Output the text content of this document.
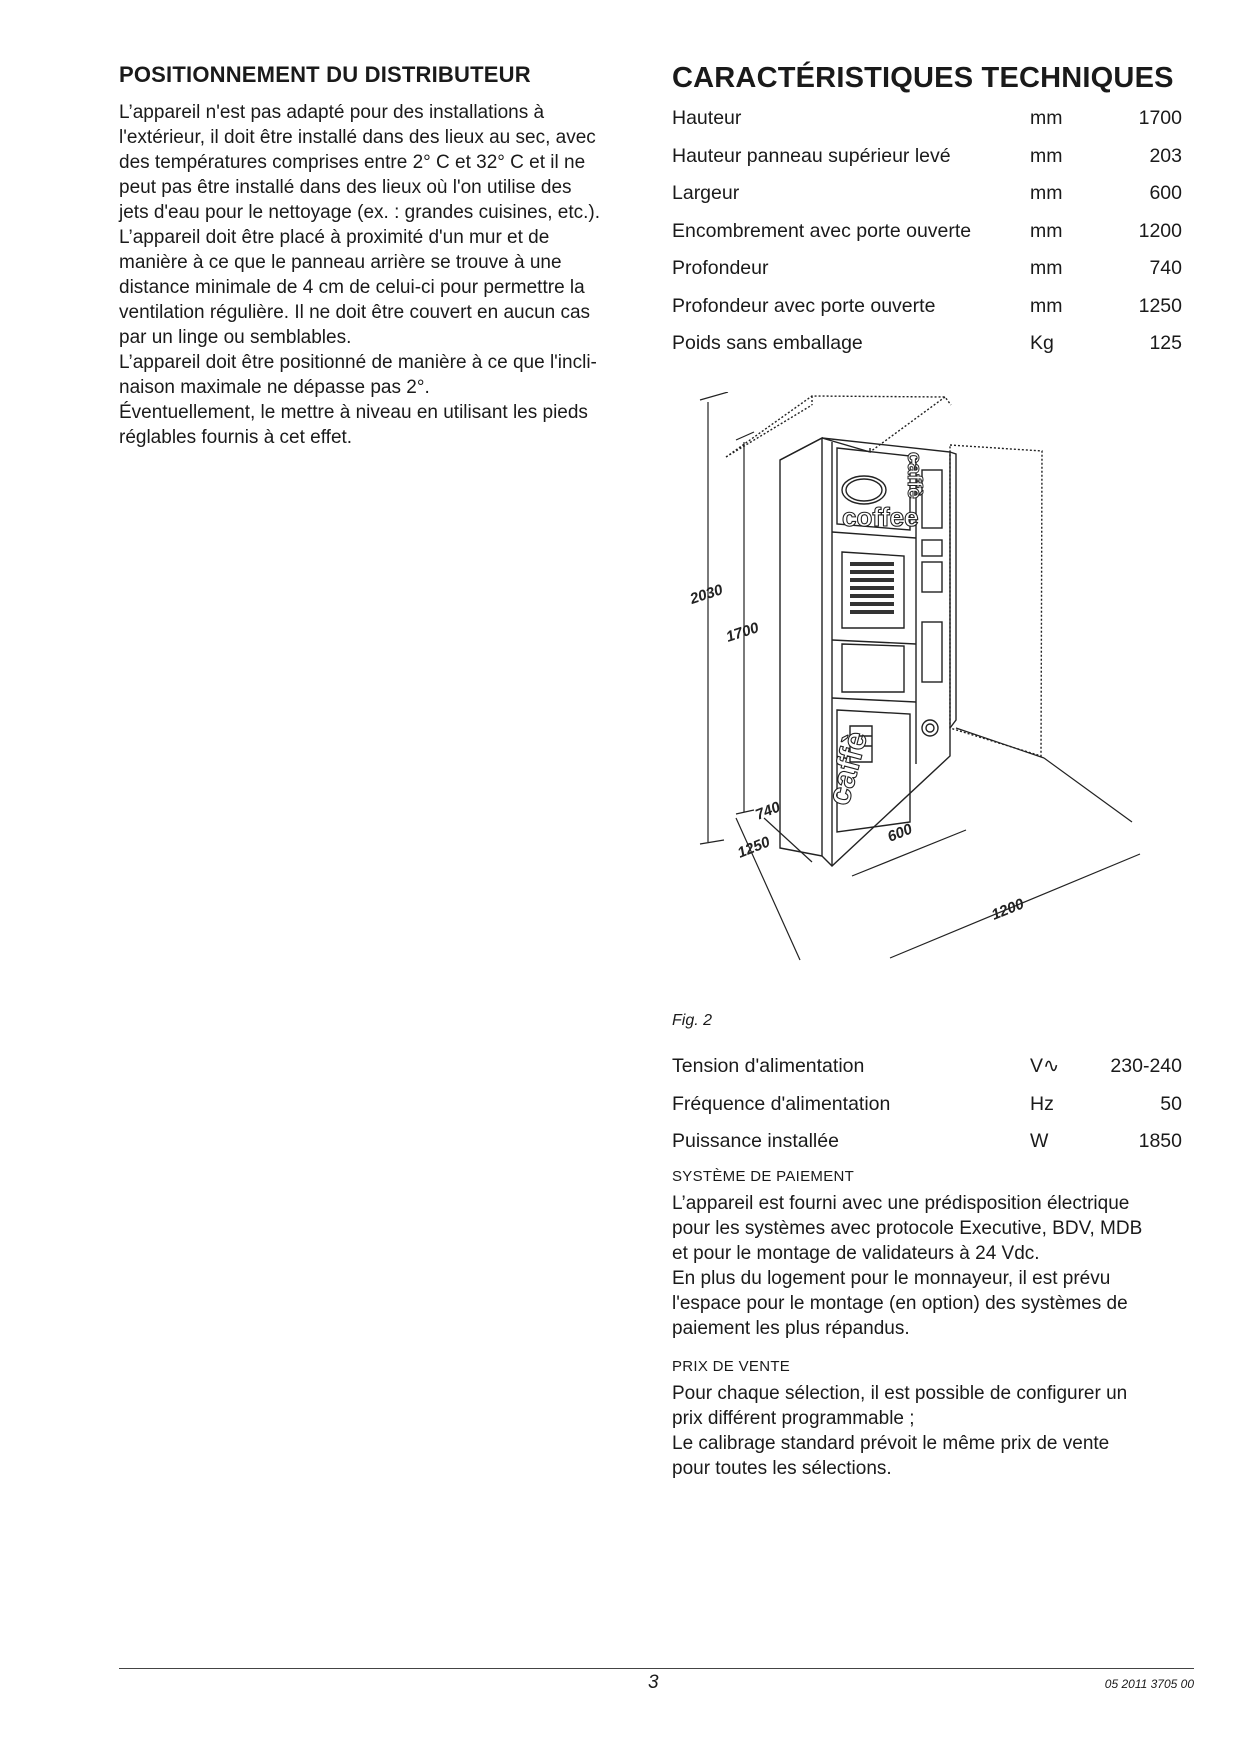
POSITIONNEMENT DU DISTRIBUTEUR

L’appareil n'est pas adapté pour des installations à
l'extérieur, il doit être installé dans des lieux au sec, avec
des températures comprises entre 2° C et 32° C et il ne
peut pas être installé dans des lieux où l'on utilise des
jets d'eau pour le nettoyage (ex. : grandes cuisines, etc.).
L’appareil doit être placé à proximité d'un mur et de
manière à ce que le panneau arrière se trouve à une
distance minimale de 4 cm de celui-ci pour permettre la
ventilation régulière. Il ne doit être couvert en aucun cas
par un linge ou semblables.
L’appareil doit être positionné de manière à ce que l'incli-
naison maximale ne dépasse pas 2°.
Éventuellement, le mettre à niveau en utilisant les pieds
réglables fournis à cet effet.

CARACTÉRISTIQUES TECHNIQUES
Hauteur	mm	1700
Hauteur panneau supérieur levé	mm	203
Largeur	mm	600
Encombrement avec porte ouverte	mm	1200
Profondeur	mm	740
Profondeur avec porte ouverte	mm	1250
Poids sans emballage	Kg	125
coffee
caffè
caffè
2030
1700
740
1250
600
1200
Fig. 2
Tension d'alimentation	V∿	230-240
Fréquence d'alimentation	Hz	50
Puissance installée	W	1850
SYSTÈME DE PAIEMENT

L’appareil est fourni avec une prédisposition électrique
pour les systèmes avec protocole Executive, BDV, MDB
et pour le montage de validateurs à 24 Vdc.
En plus du logement pour le monnayeur, il est prévu
l'espace pour le montage (en option) des systèmes de
paiement les plus répandus.

PRIX DE VENTE

Pour chaque sélection, il est possible de configurer un
prix différent programmable ;
Le calibrage standard prévoit le même prix de vente
pour toutes les sélections.

3	05 2011 3705 00
